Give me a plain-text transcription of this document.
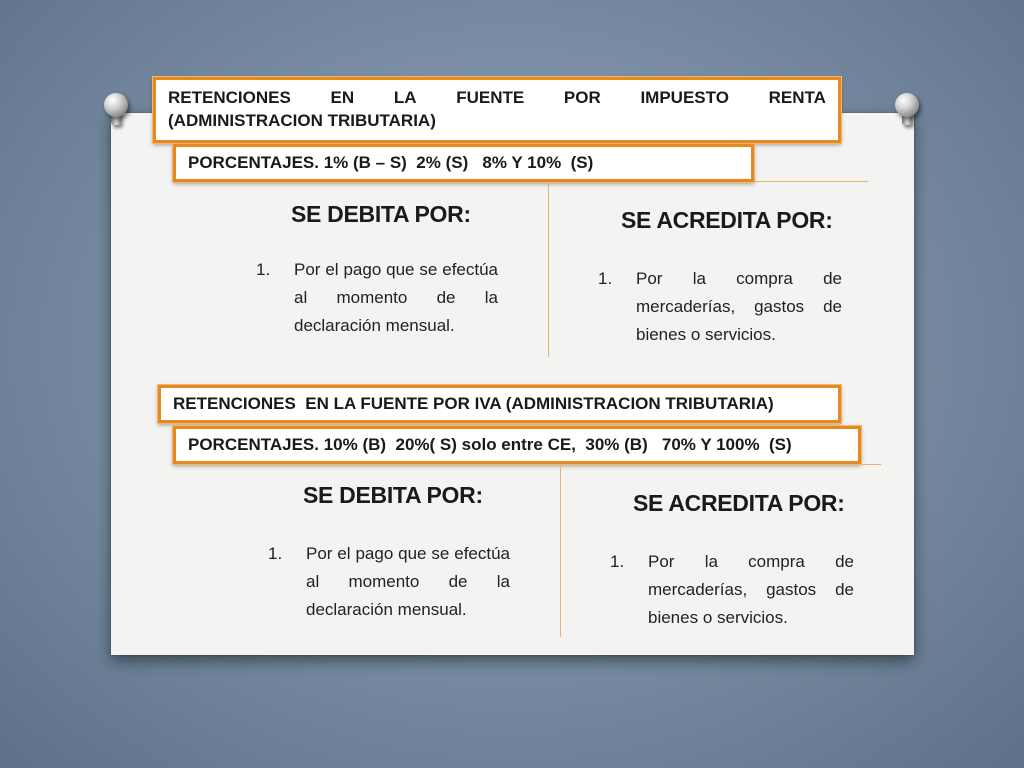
RETENCIONES EN LA FUENTE POR IMPUESTO RENTA
(ADMINISTRACION TRIBUTARIA)
PORCENTAJES. 1% (B – S)  2% (S)   8% Y 10%  (S)
SE DEBITA POR:
1. Por el pago que se efectúa al momento de la declaración mensual.
SE ACREDITA POR:
1. Por la compra de mercaderías, gastos de bienes o servicios.
RETENCIONES  EN LA FUENTE POR IVA (ADMINISTRACION TRIBUTARIA)
PORCENTAJES. 10% (B)  20%( S) solo entre CE,  30% (B)   70% Y 100%  (S)
SE DEBITA POR:
1. Por el pago que se efectúa al momento de la declaración mensual.
SE ACREDITA POR:
1. Por la compra de mercaderías, gastos de bienes o servicios.
